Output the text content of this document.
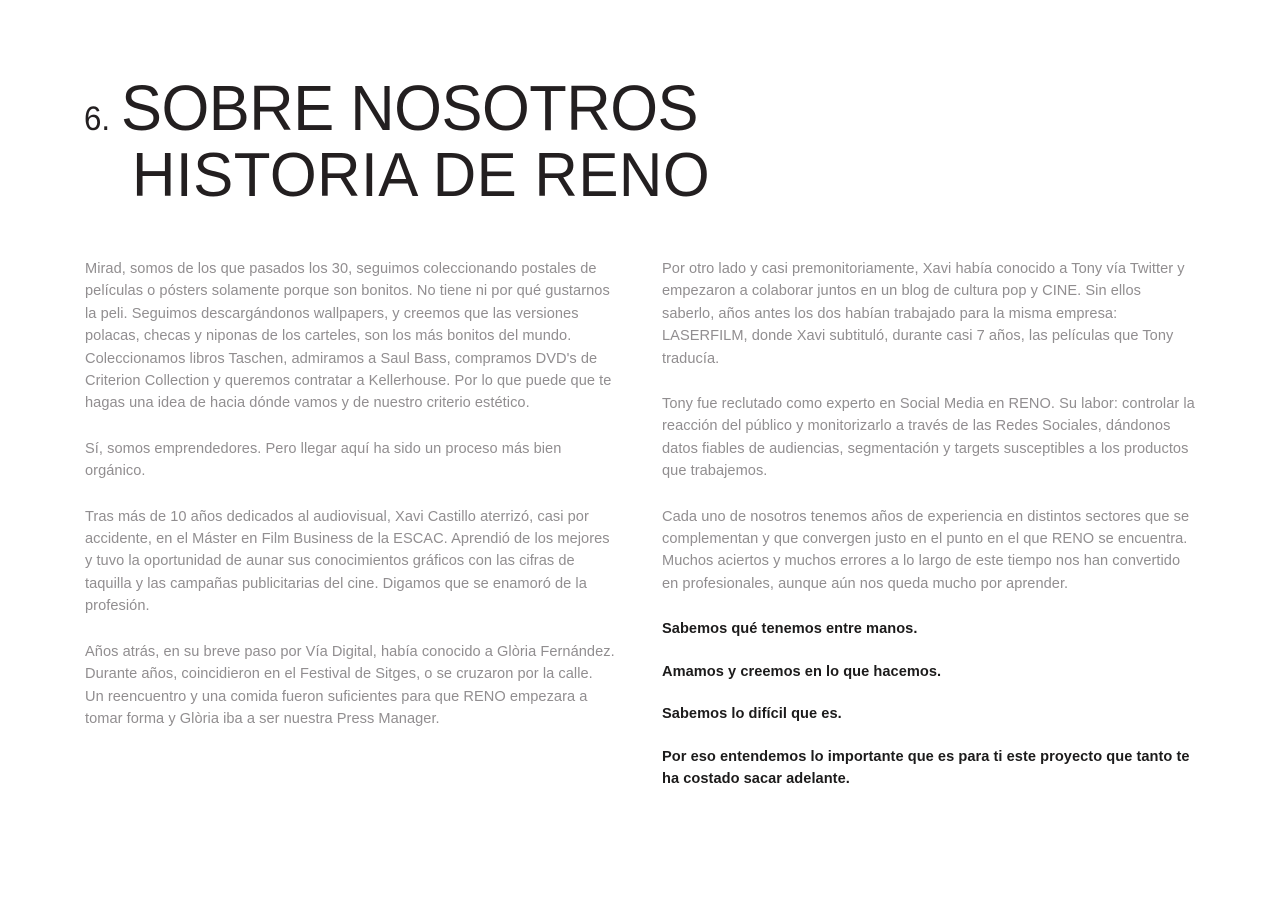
6. SOBRE NOSOTROS
HISTORIA DE RENO

Mirad, somos de los que pasados los 30, seguimos coleccionando postales de películas o pósters solamente porque son bonitos. No tiene ni por qué gustarnos la peli. Seguimos descargándonos wallpapers, y creemos que las versiones polacas, checas y niponas de los carteles, son los más bonitos del mundo. Coleccionamos libros Taschen, admiramos a Saul Bass, compramos DVD's de Criterion Collection y queremos contratar a Kellerhouse. Por lo que puede que te hagas una idea de hacia dónde vamos y de nuestro criterio estético.

Sí, somos emprendedores. Pero llegar aquí ha sido un proceso más bien orgánico.

Tras más de 10 años dedicados al audiovisual, Xavi Castillo aterrizó, casi por accidente, en el Máster en Film Business de la ESCAC. Aprendió de los mejores y tuvo la oportunidad de aunar sus conocimientos gráficos con las cifras de taquilla y las campañas publicitarias del cine. Digamos que se enamoró de la profesión.

Años atrás, en su breve paso por Vía Digital, había conocido a Glòria Fernández. Durante años, coincidieron en el Festival de Sitges, o se cruzaron por la calle. Un reencuentro y una comida fueron suficientes para que RENO empezara a tomar forma y Glòria iba a ser nuestra Press Manager.

Por otro lado y casi premonitoriamente, Xavi había conocido a Tony vía Twitter y empezaron a colaborar juntos en un blog de cultura pop y CINE. Sin ellos saberlo, años antes los dos habían trabajado para la misma empresa: LASERFILM, donde Xavi subtituló, durante casi 7 años, las películas que Tony traducía.

Tony fue reclutado como experto en Social Media en RENO. Su labor: controlar la reacción del público y monitorizarlo a través de las Redes Sociales, dándonos datos fiables de audiencias, segmentación y targets susceptibles a los productos que trabajemos.

Cada uno de nosotros tenemos años de experiencia en distintos sectores que se complementan y que convergen justo en el punto en el que RENO se encuentra. Muchos aciertos y muchos errores a lo largo de este tiempo nos han convertido en profesionales, aunque aún nos queda mucho por aprender.

Sabemos qué tenemos entre manos.

Amamos y creemos en lo que hacemos.

Sabemos lo difícil que es.

Por eso entendemos lo importante que es para ti este proyecto que tanto te ha costado sacar adelante.
